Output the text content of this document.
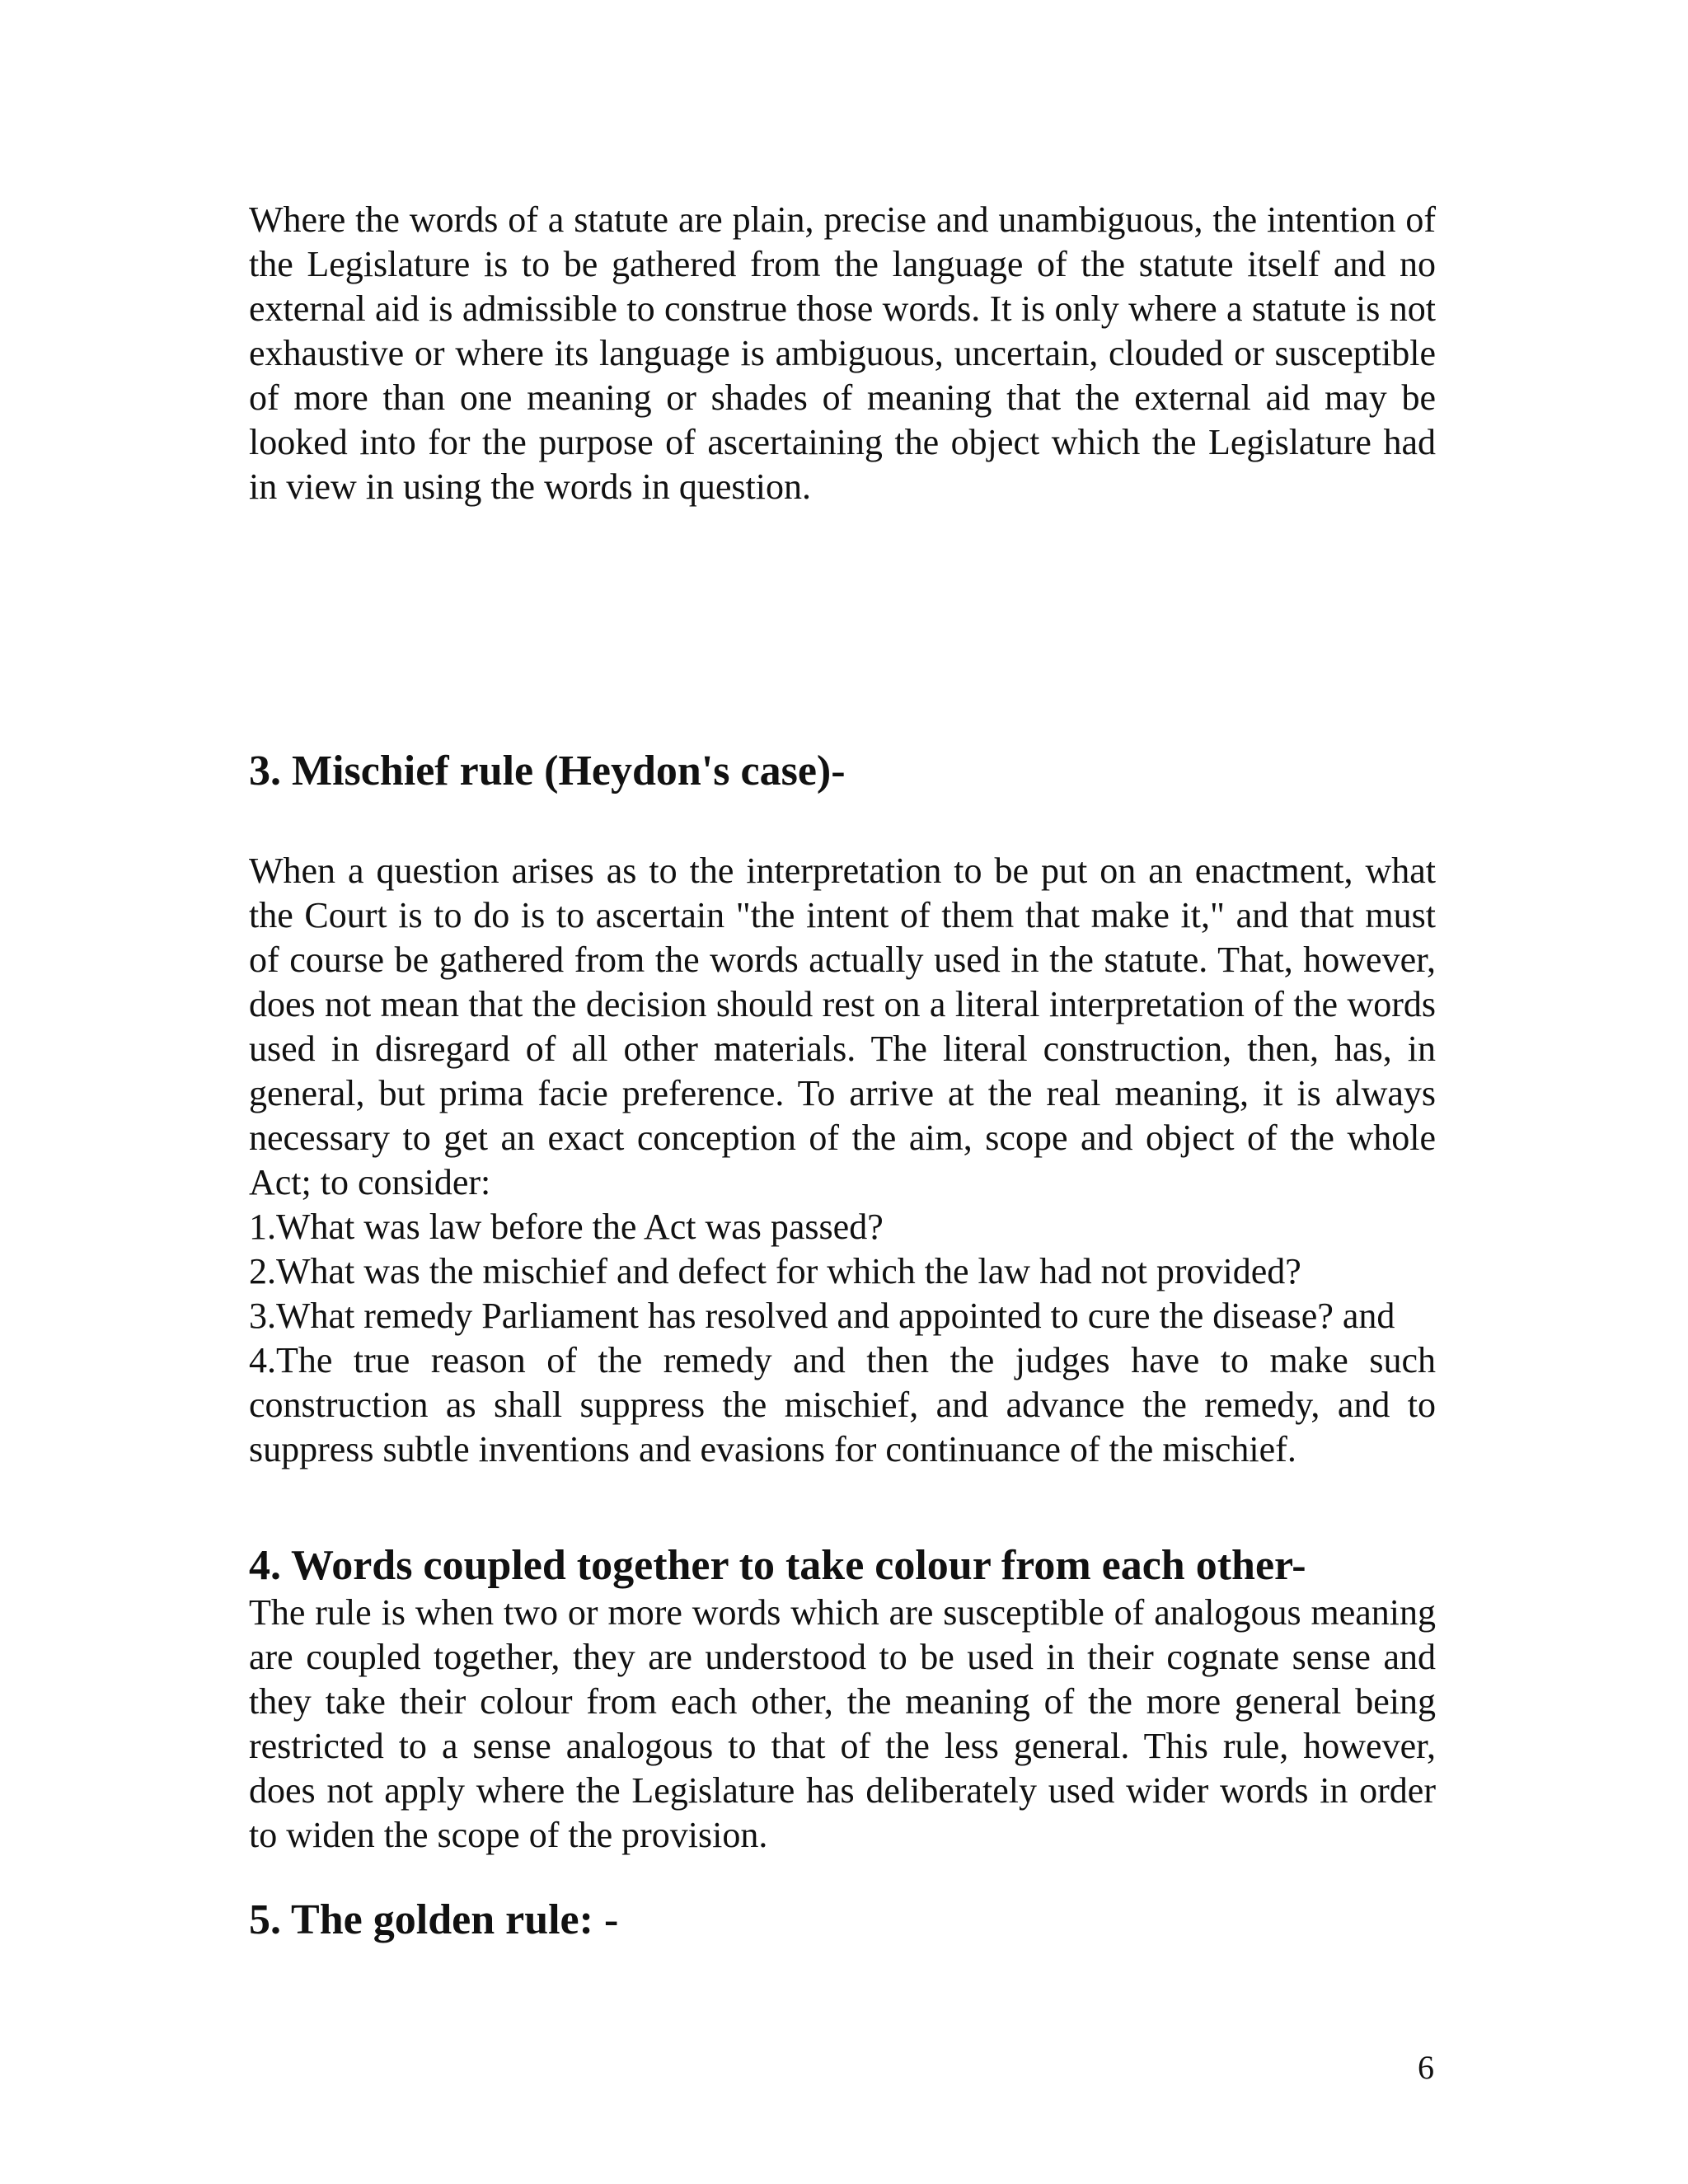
Where the words of a statute are plain, precise and unambiguous, the intention of the Legislature is to be gathered from the language of the statute itself and no external aid is admissible to construe those words. It is only where a statute is not exhaustive or where its language is ambiguous, uncertain, clouded or susceptible of more than one meaning or shades of meaning that the external aid may be looked into for the purpose of ascertaining the object which the Legislature had in view in using the words in question.

3. Mischief rule (Heydon's case)-

When a question arises as to the interpretation to be put on an enactment, what the Court is to do is to ascertain "the intent of them that make it," and that must of course be gathered from the words actually used in the statute. That, however, does not mean that the decision should rest on a literal interpretation of the words used in disregard of all other materials. The literal construction, then, has, in general, but prima facie preference. To arrive at the real meaning, it is always necessary to get an exact conception of the aim, scope and object of the whole Act; to consider:

1.What was law before the Act was passed?
2.What was the mischief and defect for which the law had not provided?
3.What remedy Parliament has resolved and appointed to cure the disease? and
4.The true reason of the remedy and then the judges have to make such construction as shall suppress the mischief, and advance the remedy, and to suppress subtle inventions and evasions for continuance of the mischief.
4. Words coupled together to take colour from each other-

The rule is when two or more words which are susceptible of analogous meaning are coupled together, they are understood to be used in their cognate sense and they take their colour from each other, the meaning of the more general being restricted to a sense analogous to that of the less general. This rule, however, does not apply where the Legislature has deliberately used wider words in order to widen the scope of the provision.

5. The golden rule: -
6
